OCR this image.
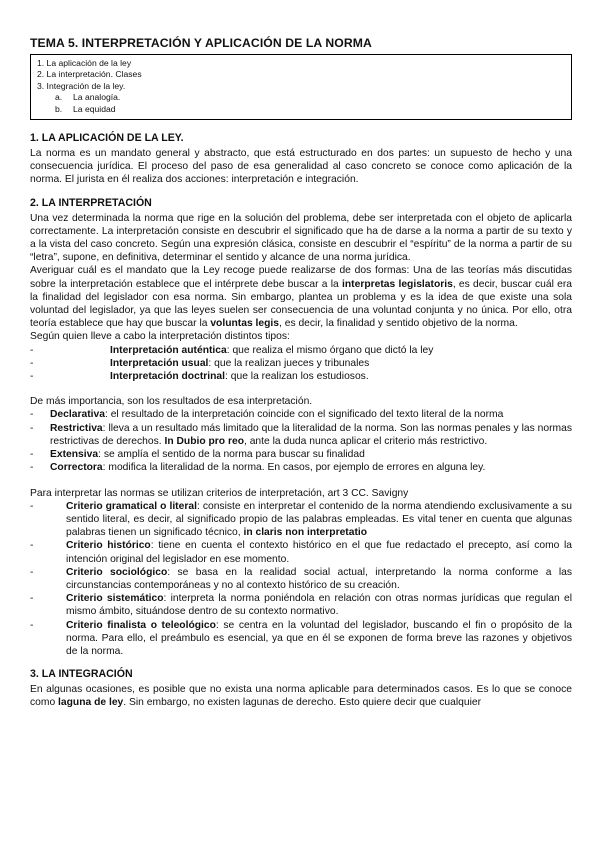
TEMA 5. INTERPRETACIÓN Y APLICACIÓN DE LA NORMA
1. La aplicación de la ley
2. La interpretación. Clases
3. Integración de la ley.
a. La analogía.
b. La equidad
1. LA APLICACIÓN DE LA LEY.

La norma es un mandato general y abstracto, que está estructurado en dos partes: un supuesto de hecho y una consecuencia jurídica. El proceso del paso de esa generalidad al caso concreto se conoce como aplicación de la norma. El jurista en él realiza dos acciones: interpretación e integración.

2. LA INTERPRETACIÓN

Una vez determinada la norma que rige en la solución del problema, debe ser interpretada con el objeto de aplicarla correctamente. La interpretación consiste en descubrir el significado que ha de darse a la norma a partir de su texto y a la vista del caso concreto. Según una expresión clásica, consiste en descubrir el “espíritu” de la norma a partir de su “letra”, supone, en definitiva, determinar el sentido y alcance de una norma jurídica.

Averiguar cuál es el mandato que la Ley recoge puede realizarse de dos formas: Una de las teorías más discutidas sobre la interpretación establece que el intérprete debe buscar a la interpretas legislatoris, es decir, buscar cuál era la finalidad del legislador con esa norma. Sin embargo, plantea un problema y es la idea de que existe una sola voluntad del legislador, ya que las leyes suelen ser consecuencia de una voluntad conjunta y no única. Por ello, otra teoría establece que hay que buscar la voluntas legis, es decir, la finalidad y sentido objetivo de la norma.

Según quien lleve a cabo la interpretación distintos tipos:

-	Interpretación auténtica: que realiza el mismo órgano que dictó la ley
-	Interpretación usual: que la realizan jueces y tribunales
-	Interpretación doctrinal: que la realizan los estudiosos.

De más importancia, son los resultados de esa interpretación.

- Declarativa: el resultado de la interpretación coincide con el significado del texto literal de la norma
- Restrictiva: lleva a un resultado más limitado que la literalidad de la norma. Son las normas penales y las normas restrictivas de derechos. In Dubio pro reo, ante la duda nunca aplicar el criterio más restrictivo.
- Extensiva: se amplía el sentido de la norma para buscar su finalidad
- Correctora: modifica la literalidad de la norma. En casos, por ejemplo de errores en alguna ley.

Para interpretar las normas se utilizan criterios de interpretación, art 3 CC. Savigny

-	Criterio gramatical o literal: consiste en interpretar el contenido de la norma atendiendo exclusivamente a su sentido literal, es decir, al significado propio de las palabras empleadas. Es vital tener en cuenta que algunas palabras tienen un significado técnico, in claris non interpretatio
-	Criterio histórico: tiene en cuenta el contexto histórico en el que fue redactado el precepto, así como la intención original del legislador en ese momento.
-	Criterio sociológico: se basa en la realidad social actual, interpretando la norma conforme a las circunstancias contemporáneas y no al contexto histórico de su creación.
-	Criterio sistemático: interpreta la norma poniéndola en relación con otras normas jurídicas que regulan el mismo ámbito, situándose dentro de su contexto normativo.
-	Criterio finalista o teleológico: se centra en la voluntad del legislador, buscando el fin o propósito de la norma. Para ello, el preámbulo es esencial, ya que en él se exponen de forma breve las razones y objetivos de la norma.
3. LA INTEGRACIÓN

En algunas ocasiones, es posible que no exista una norma aplicable para determinados casos. Es lo que se conoce como laguna de ley. Sin embargo, no existen lagunas de derecho. Esto quiere decir que cualquier
